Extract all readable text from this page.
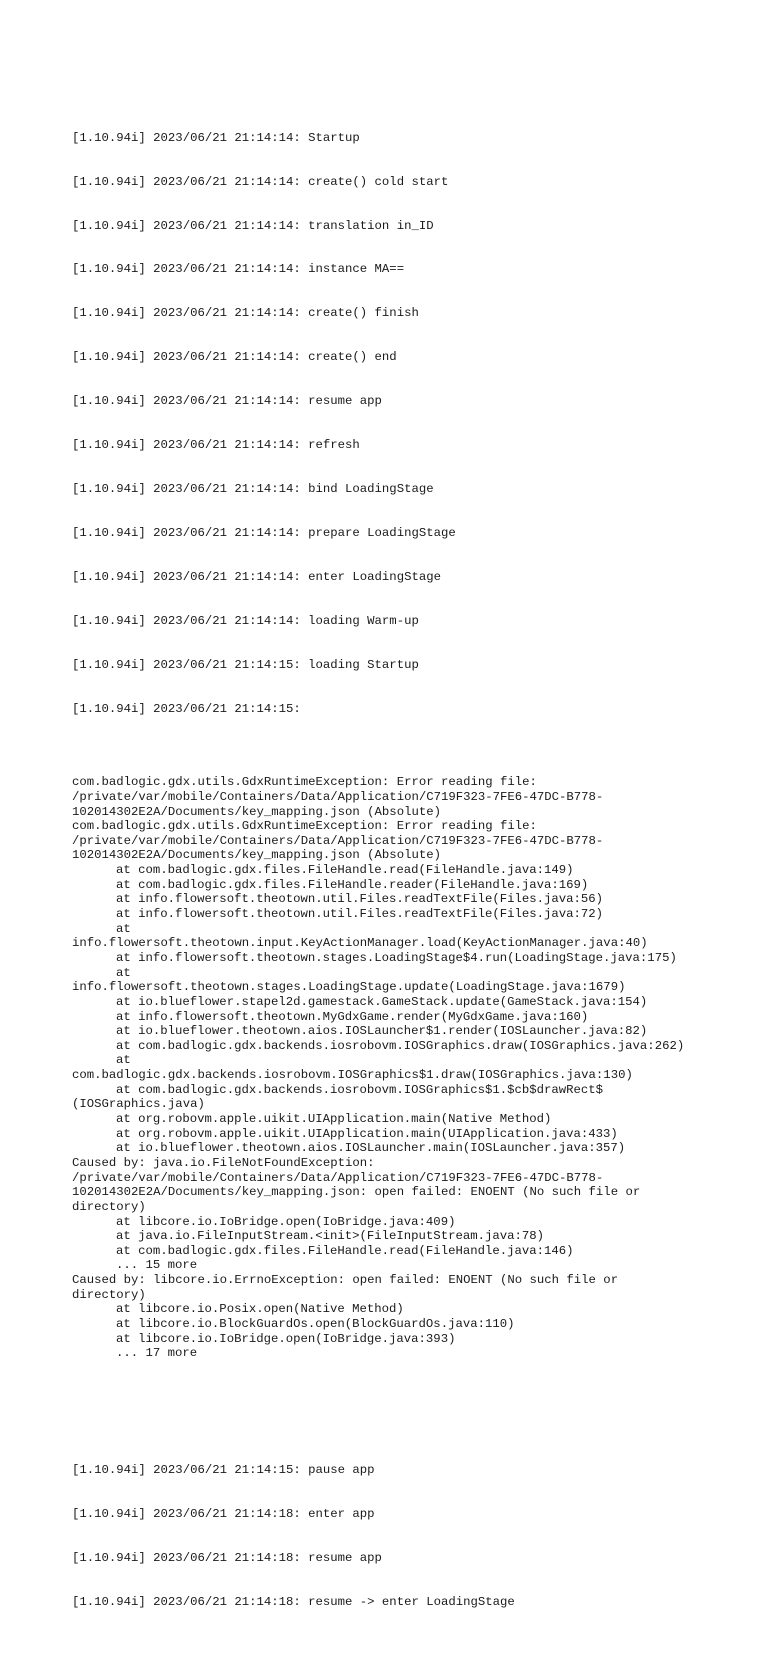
[1.10.94i] 2023/06/21 21:14:14: Startup

[1.10.94i] 2023/06/21 21:14:14: create() cold start

[1.10.94i] 2023/06/21 21:14:14: translation in_ID

[1.10.94i] 2023/06/21 21:14:14: instance MA==

[1.10.94i] 2023/06/21 21:14:14: create() finish

[1.10.94i] 2023/06/21 21:14:14: create() end

[1.10.94i] 2023/06/21 21:14:14: resume app

[1.10.94i] 2023/06/21 21:14:14: refresh

[1.10.94i] 2023/06/21 21:14:14: bind LoadingStage

[1.10.94i] 2023/06/21 21:14:14: prepare LoadingStage

[1.10.94i] 2023/06/21 21:14:14: enter LoadingStage

[1.10.94i] 2023/06/21 21:14:14: loading Warm-up

[1.10.94i] 2023/06/21 21:14:15: loading Startup

[1.10.94i] 2023/06/21 21:14:15:

com.badlogic.gdx.utils.GdxRuntimeException: Error reading file:
/private/var/mobile/Containers/Data/Application/C719F323-7FE6-47DC-B778-
102014302E2A/Documents/key_mapping.json (Absolute)
com.badlogic.gdx.utils.GdxRuntimeException: Error reading file:
/private/var/mobile/Containers/Data/Application/C719F323-7FE6-47DC-B778-
102014302E2A/Documents/key_mapping.json (Absolute)
at com.badlogic.gdx.files.FileHandle.read(FileHandle.java:149)
at com.badlogic.gdx.files.FileHandle.reader(FileHandle.java:169)
at info.flowersoft.theotown.util.Files.readTextFile(Files.java:56)
at info.flowersoft.theotown.util.Files.readTextFile(Files.java:72)
at
info.flowersoft.theotown.input.KeyActionManager.load(KeyActionManager.java:40)
at info.flowersoft.theotown.stages.LoadingStage$4.run(LoadingStage.java:175)
at
info.flowersoft.theotown.stages.LoadingStage.update(LoadingStage.java:1679)
at io.blueflower.stapel2d.gamestack.GameStack.update(GameStack.java:154)
at info.flowersoft.theotown.MyGdxGame.render(MyGdxGame.java:160)
at io.blueflower.theotown.aios.IOSLauncher$1.render(IOSLauncher.java:82)
at com.badlogic.gdx.backends.iosrobovm.IOSGraphics.draw(IOSGraphics.java:262)
at
com.badlogic.gdx.backends.iosrobovm.IOSGraphics$1.draw(IOSGraphics.java:130)
at com.badlogic.gdx.backends.iosrobovm.IOSGraphics$1.$cb$drawRect$
(IOSGraphics.java)
at org.robovm.apple.uikit.UIApplication.main(Native Method)
at org.robovm.apple.uikit.UIApplication.main(UIApplication.java:433)
at io.blueflower.theotown.aios.IOSLauncher.main(IOSLauncher.java:357)
Caused by: java.io.FileNotFoundException:
/private/var/mobile/Containers/Data/Application/C719F323-7FE6-47DC-B778-
102014302E2A/Documents/key_mapping.json: open failed: ENOENT (No such file or
directory)
at libcore.io.IoBridge.open(IoBridge.java:409)
at java.io.FileInputStream.<init>(FileInputStream.java:78)
at com.badlogic.gdx.files.FileHandle.read(FileHandle.java:146)
... 15 more
Caused by: libcore.io.ErrnoException: open failed: ENOENT (No such file or
directory)
at libcore.io.Posix.open(Native Method)
at libcore.io.BlockGuardOs.open(BlockGuardOs.java:110)
at libcore.io.IoBridge.open(IoBridge.java:393)
... 17 more

[1.10.94i] 2023/06/21 21:14:15: pause app

[1.10.94i] 2023/06/21 21:14:18: enter app

[1.10.94i] 2023/06/21 21:14:18: resume app

[1.10.94i] 2023/06/21 21:14:18: resume -> enter LoadingStage
